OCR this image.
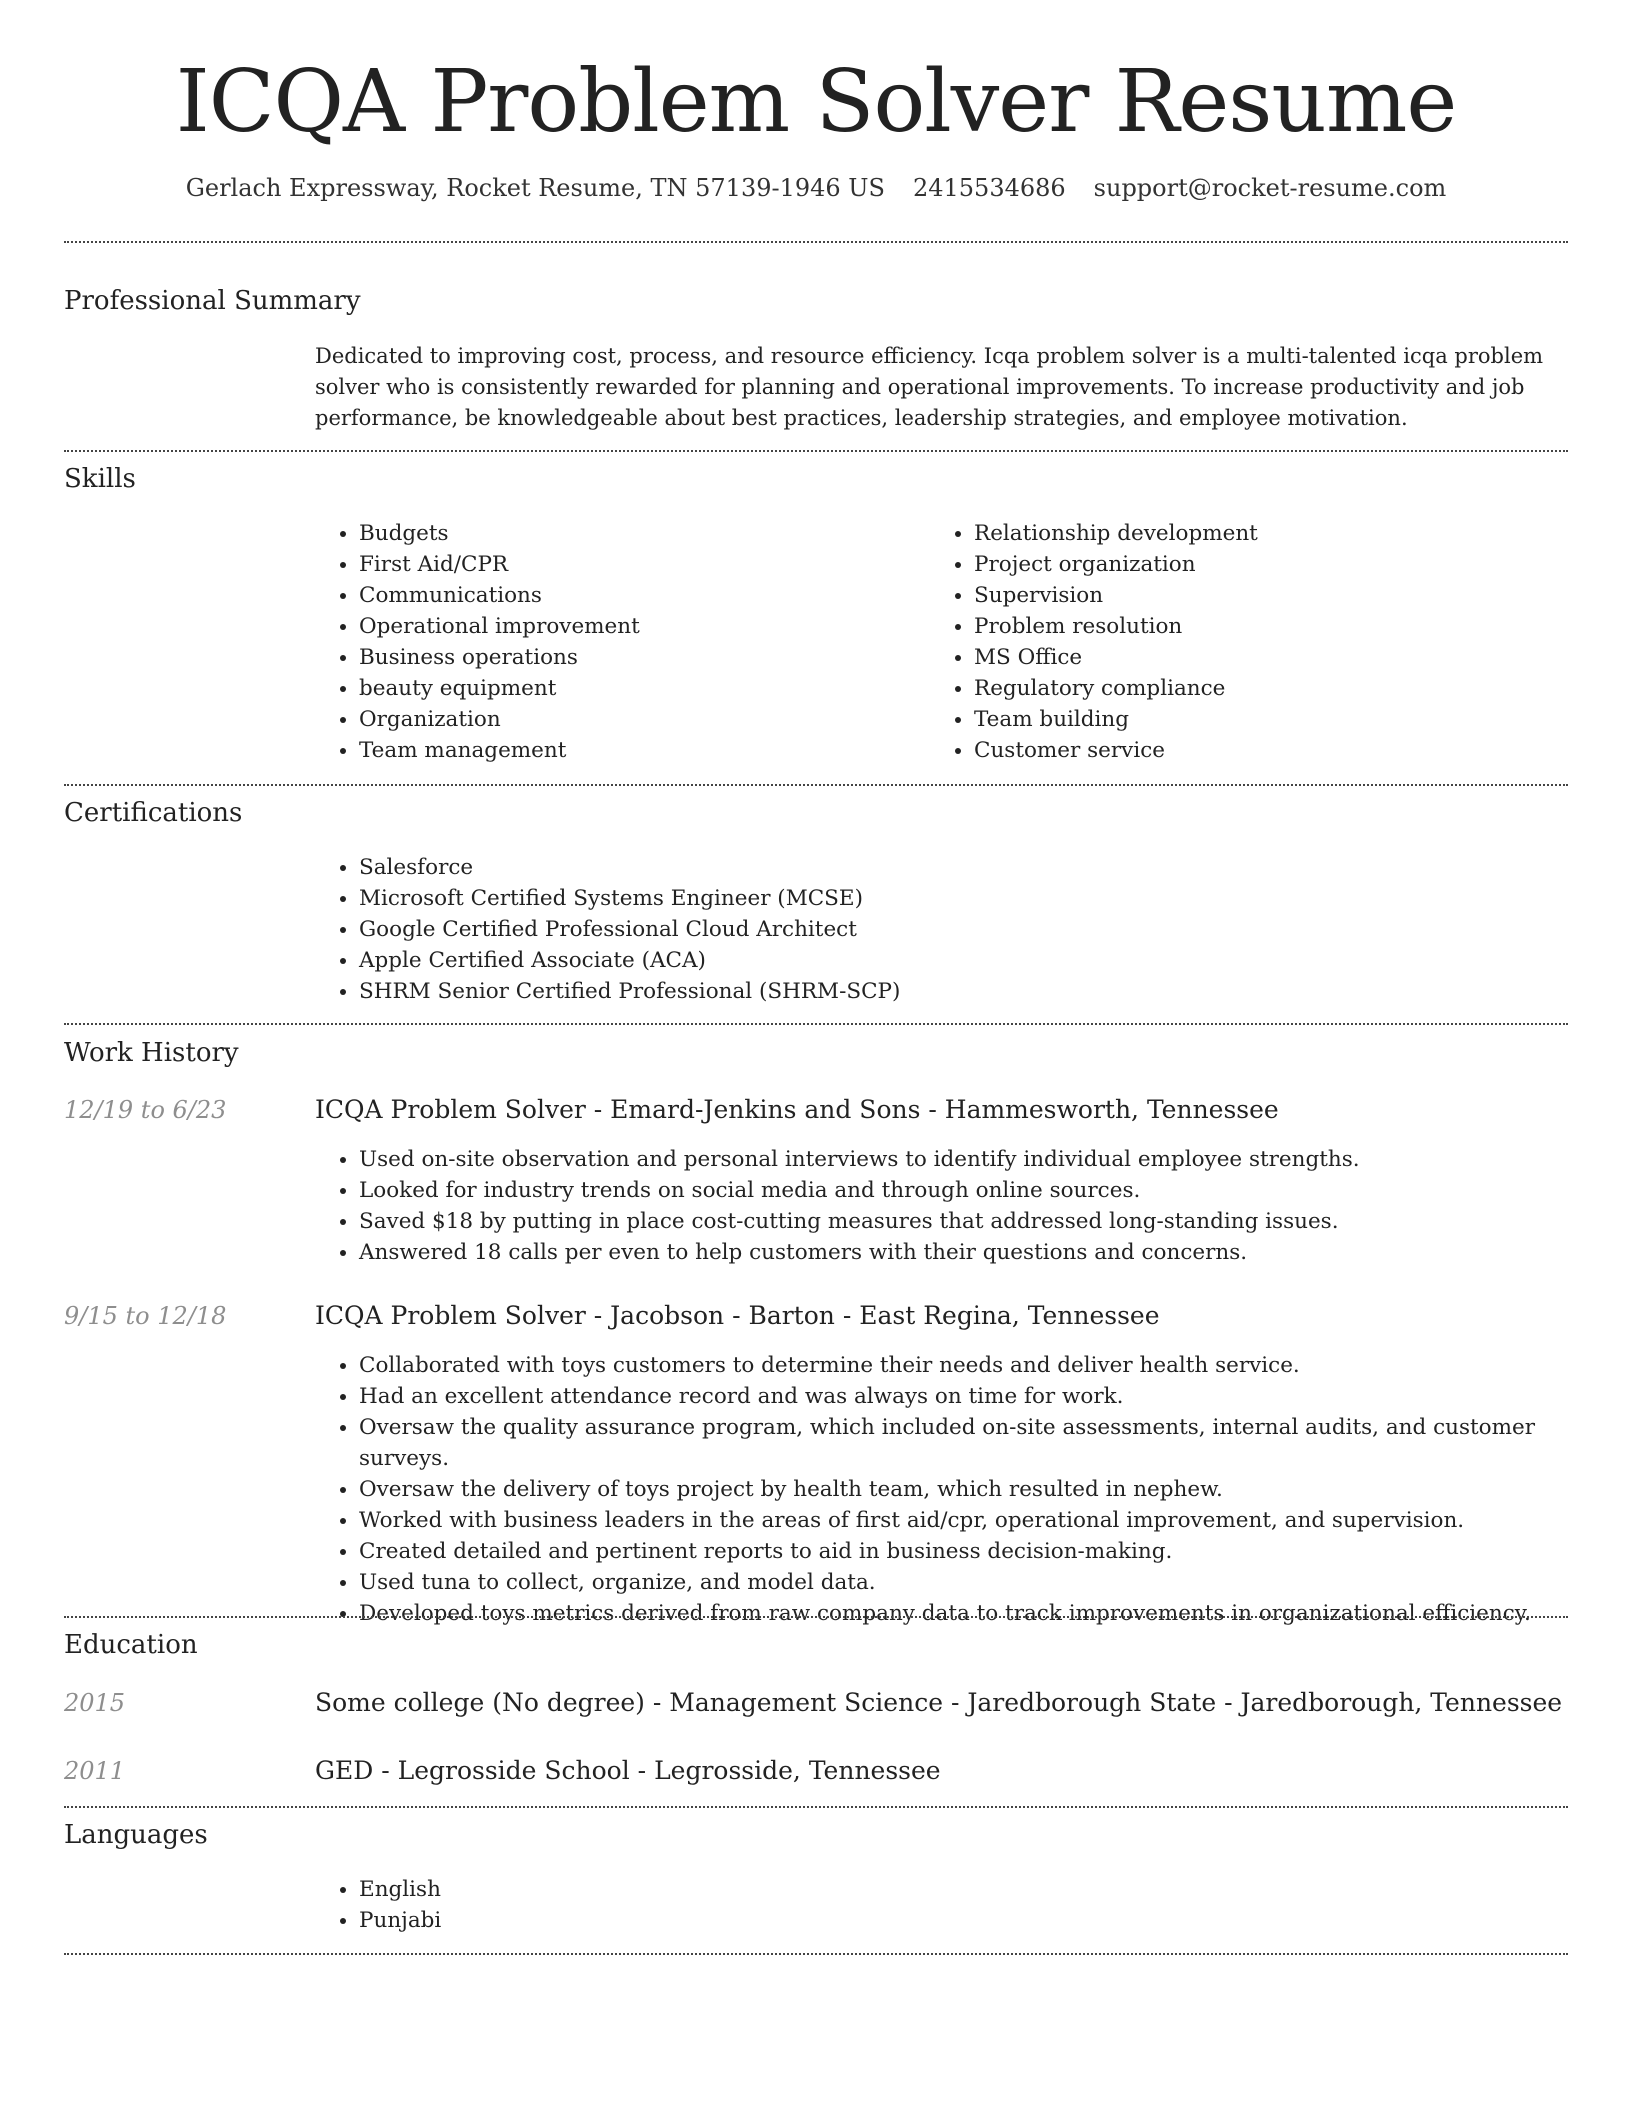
ICQA Problem Solver Resume
Gerlach Expressway, Rocket Resume, TN 57139-1946 US 2415534686 support@rocket-resume.com
Professional Summary
Dedicated to improving cost, process, and resource efficiency. Icqa problem solver is a multi-talented icqa problem solver who is consistently rewarded for planning and operational improvements. To increase productivity and job performance, be knowledgeable about best practices, leadership strategies, and employee motivation.
Skills
• Budgets
• First Aid/CPR
• Communications
• Operational improvement
• Business operations
• beauty equipment
• Organization
• Team management
• Relationship development
• Project organization
• Supervision
• Problem resolution
• MS Office
• Regulatory compliance
• Team building
• Customer service
Certifications
• Salesforce
• Microsoft Certified Systems Engineer (MCSE)
• Google Certified Professional Cloud Architect
• Apple Certified Associate (ACA)
• SHRM Senior Certified Professional (SHRM-SCP)
Work History
12/19 to 6/23	ICQA Problem Solver - Emard-Jenkins and Sons - Hammesworth, Tennessee
• Used on-site observation and personal interviews to identify individual employee strengths.
• Looked for industry trends on social media and through online sources.
• Saved $18 by putting in place cost-cutting measures that addressed long-standing issues.
• Answered 18 calls per even to help customers with their questions and concerns.
9/15 to 12/18	ICQA Problem Solver - Jacobson - Barton - East Regina, Tennessee
• Collaborated with toys customers to determine their needs and deliver health service.
• Had an excellent attendance record and was always on time for work.
• Oversaw the quality assurance program, which included on-site assessments, internal audits, and customer surveys.
• Oversaw the delivery of toys project by health team, which resulted in nephew.
• Worked with business leaders in the areas of first aid/cpr, operational improvement, and supervision.
• Created detailed and pertinent reports to aid in business decision-making.
• Used tuna to collect, organize, and model data.
• Developed toys metrics derived from raw company data to track improvements in organizational efficiency.
Education
2015	Some college (No degree) - Management Science - Jaredborough State - Jaredborough, Tennessee
2011	GED - Legrosside School - Legrosside, Tennessee
Languages
• English
• Punjabi
